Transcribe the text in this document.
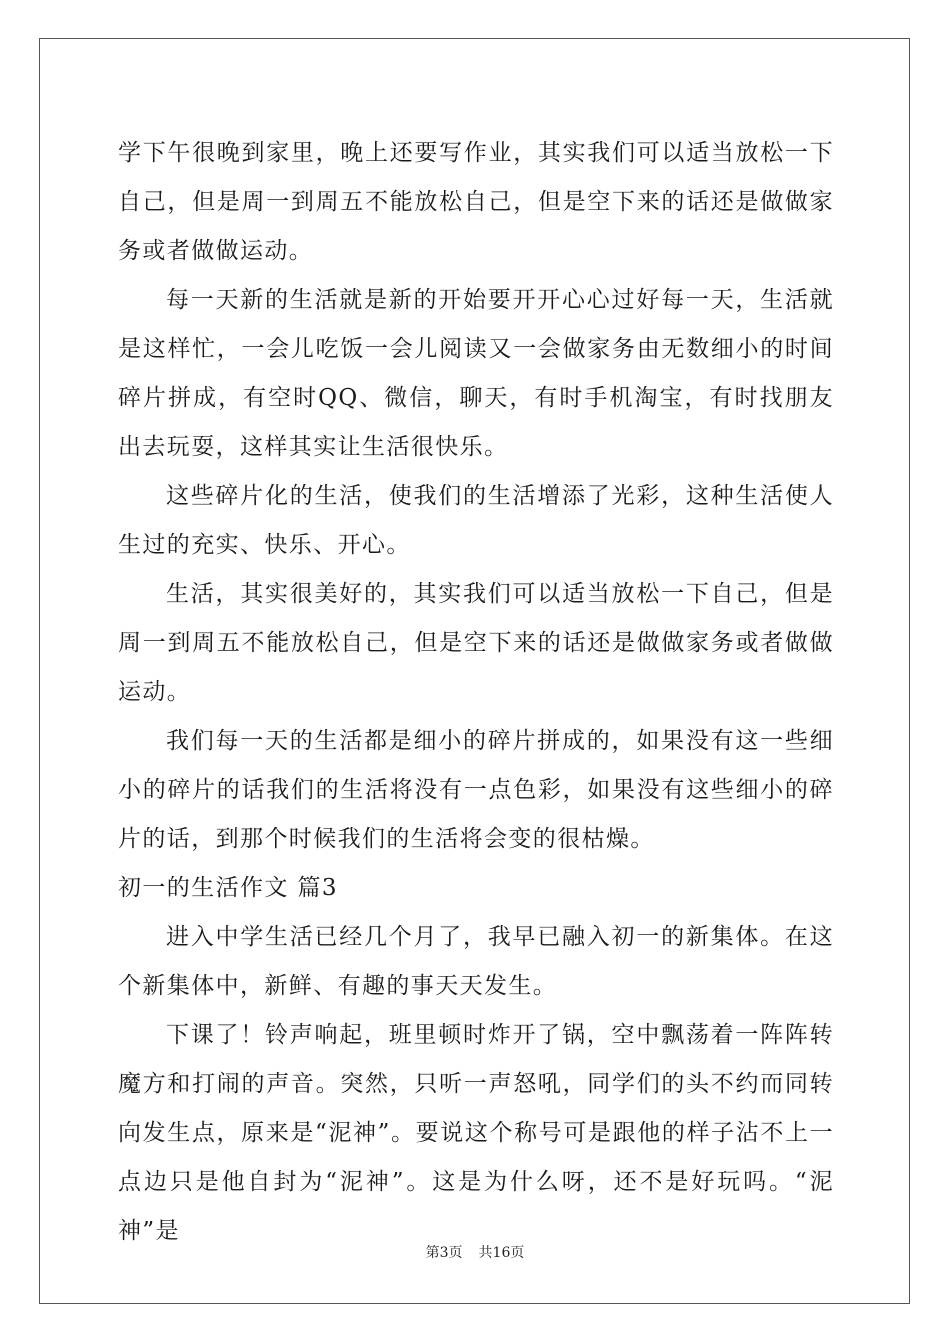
学下午很晚到家里，晚上还要写作业，其实我们可以适当放松一下自己，但是周一到周五不能放松自己，但是空下来的话还是做做家务或者做做运动。

每一天新的生活就是新的开始要开开心心过好每一天，生活就是这样忙，一会儿吃饭一会儿阅读又一会做家务由无数细小的时间碎片拼成，有空时QQ、微信，聊天，有时手机淘宝，有时找朋友出去玩耍，这样其实让生活很快乐。

这些碎片化的生活，使我们的生活增添了光彩，这种生活使人生过的充实、快乐、开心。

生活，其实很美好的，其实我们可以适当放松一下自己，但是周一到周五不能放松自己，但是空下来的话还是做做家务或者做做运动。

我们每一天的生活都是细小的碎片拼成的，如果没有这一些细小的碎片的话我们的生活将没有一点色彩，如果没有这些细小的碎片的话，到那个时候我们的生活将会变的很枯燥。

初一的生活作文 篇3

进入中学生活已经几个月了，我早已融入初一的新集体。在这个新集体中，新鲜、有趣的事天天发生。

下课了！铃声响起，班里顿时炸开了锅，空中飘荡着一阵阵转魔方和打闹的声音。突然，只听一声怒吼，同学们的头不约而同转向发生点，原来是“泥神”。要说这个称号可是跟他的样子沾不上一点边只是他自封为“泥神”。这是为什么呀，还不是好玩吗。“泥神”是

第3页 共16页
